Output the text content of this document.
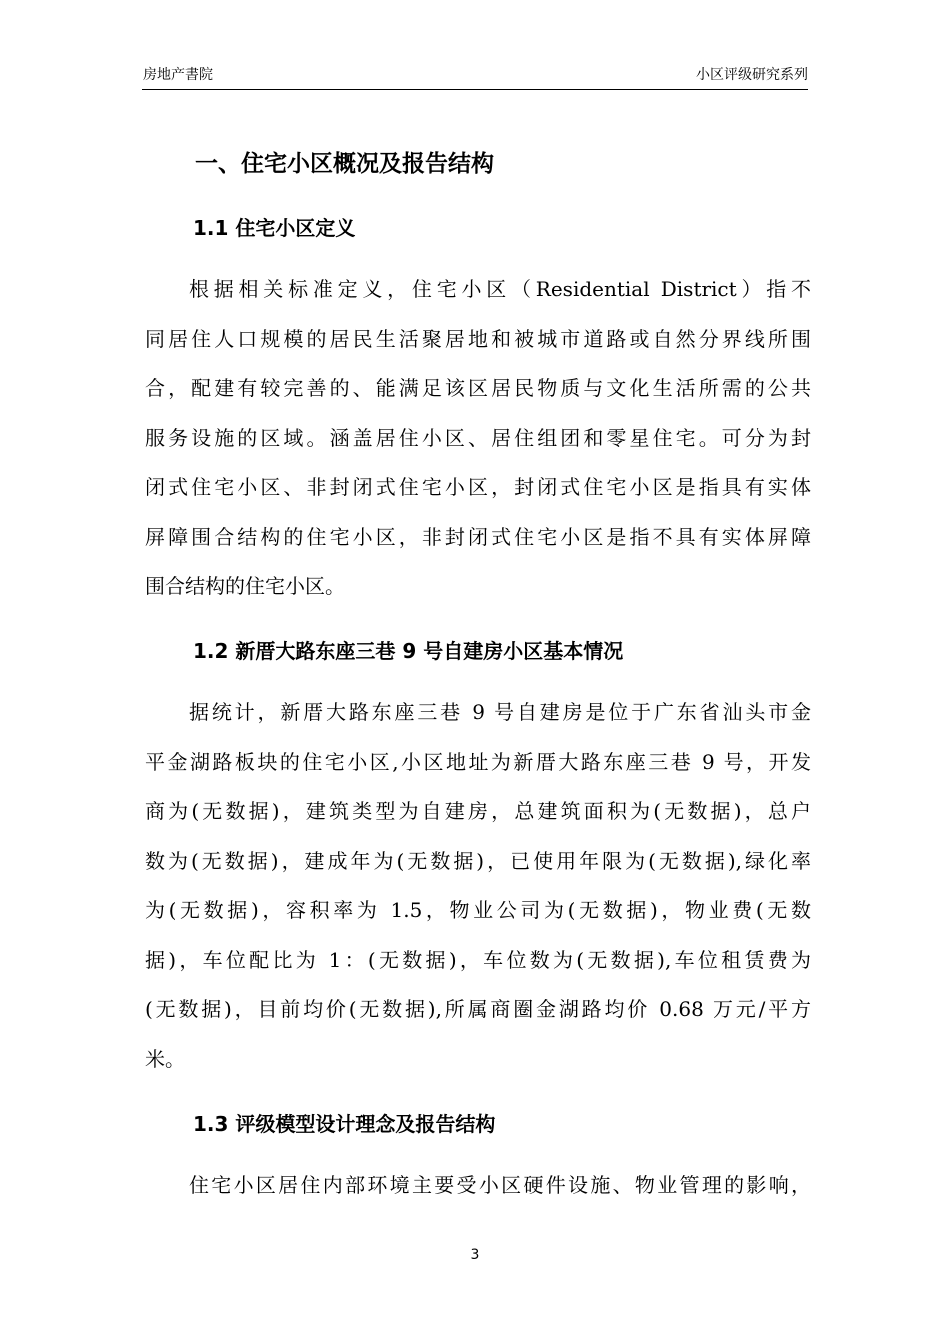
房地产書院	小区评级研究系列
一、住宅小区概况及报告结构
1.1 住宅小区定义
根据相关标准定义，住宅小区（Residential District）指不
同居住人口规模的居民生活聚居地和被城市道路或自然分界线所围
合，配建有较完善的、能满足该区居民物质与文化生活所需的公共
服务设施的区域。涵盖居住小区、居住组团和零星住宅。可分为封
闭式住宅小区、非封闭式住宅小区，封闭式住宅小区是指具有实体
屏障围合结构的住宅小区，非封闭式住宅小区是指不具有实体屏障
围合结构的住宅小区。
1.2 新厝大路东座三巷 9 号自建房小区基本情况
据统计，新厝大路东座三巷 9 号自建房是位于广东省汕头市金
平金湖路板块的住宅小区,小区地址为新厝大路东座三巷 9 号，开发
商为(无数据)，建筑类型为自建房，总建筑面积为(无数据)，总户
数为(无数据)，建成年为(无数据)，已使用年限为(无数据),绿化率
为(无数据)，容积率为 1.5，物业公司为(无数据)，物业费(无数
据)，车位配比为 1：(无数据)，车位数为(无数据),车位租赁费为
(无数据)，目前均价(无数据),所属商圈金湖路均价 0.68 万元/平方
米。
1.3 评级模型设计理念及报告结构
住宅小区居住内部环境主要受小区硬件设施、物业管理的影响，
3
